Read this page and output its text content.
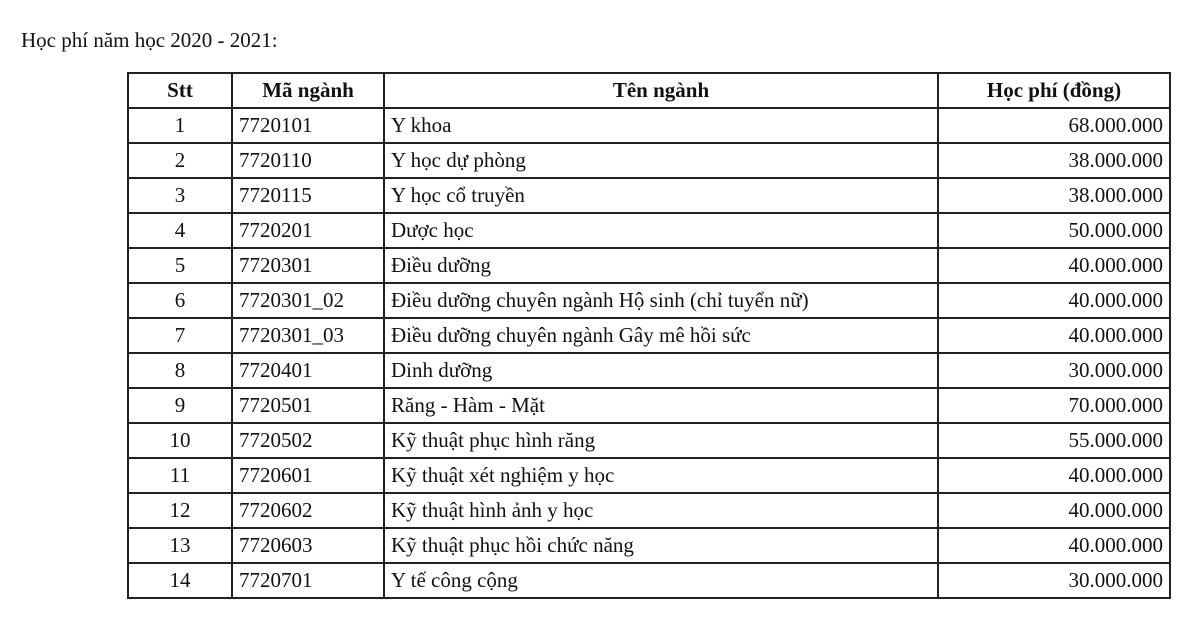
Học phí năm học 2020 - 2021:
Stt	Mã ngành	Tên ngành	Học phí (đồng)
1	7720101	Y khoa	68.000.000
2	7720110	Y học dự phòng	38.000.000
3	7720115	Y học cổ truyền	38.000.000
4	7720201	Dược học	50.000.000
5	7720301	Điều dưỡng	40.000.000
6	7720301_02	Điều dưỡng chuyên ngành Hộ sinh (chỉ tuyển nữ)	40.000.000
7	7720301_03	Điều dưỡng chuyên ngành Gây mê hồi sức	40.000.000
8	7720401	Dinh dưỡng	30.000.000
9	7720501	Răng - Hàm - Mặt	70.000.000
10	7720502	Kỹ thuật phục hình răng	55.000.000
11	7720601	Kỹ thuật xét nghiệm y học	40.000.000
12	7720602	Kỹ thuật hình ảnh y học	40.000.000
13	7720603	Kỹ thuật phục hồi chức năng	40.000.000
14	7720701	Y tế công cộng	30.000.000
